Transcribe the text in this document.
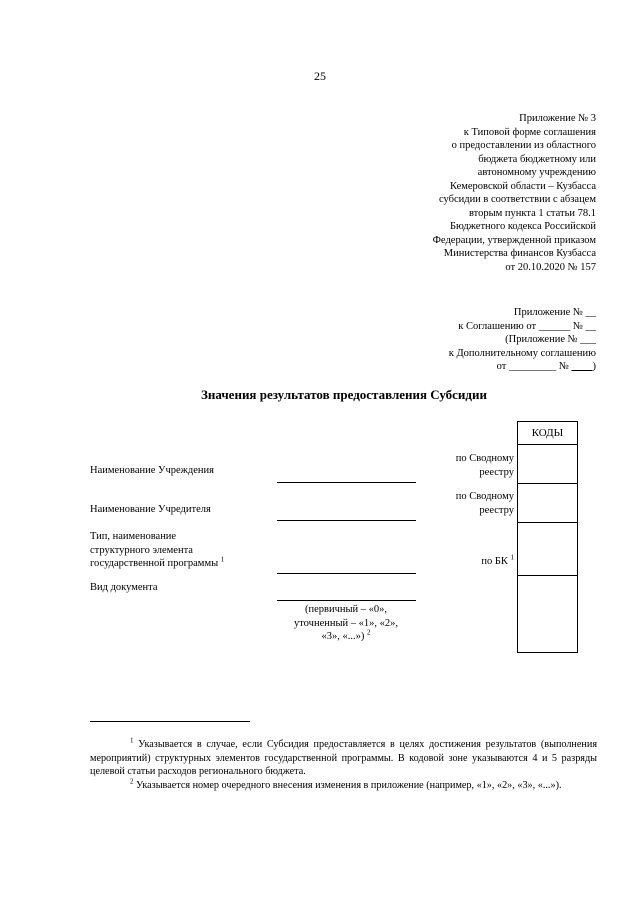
25
Приложение № 3
к Типовой форме соглашения
о предоставлении из областного
бюджета бюджетному или
автономному учреждению
Кемеровской области – Кузбасса
субсидии в соответствии с абзацем
вторым пункта 1 статьи 78.1
Бюджетного кодекса Российской
Федерации, утвержденной приказом
Министерства финансов Кузбасса
от 20.10.2020 № 157
Приложение № __
к Соглашению от ______ № __
(Приложение № ___
к Дополнительному соглашению
от _________ № ____)
Значения результатов предоставления Субсидии
Наименование Учреждения
Наименование Учредителя
Тип, наименование
структурного элемента
государственной программы $^1$
Вид документа
(первичный – «0»,
уточненный – «1», «2»,
«3», «...») $^2$
по Сводному
реестру
по Сводному
реестру
по БК $^1$
КОДЫ

$^1$ Указывается в случае, если Субсидия предоставляется в целях достижения результатов (выполнения мероприятий) структурных элементов государственной программы. В кодовой зоне указываются 4 и 5 разряды целевой статьи расходов регионального бюджета.

$^2$ Указывается номер очередного внесения изменения в приложение (например, «1», «2», «3», «...»).
